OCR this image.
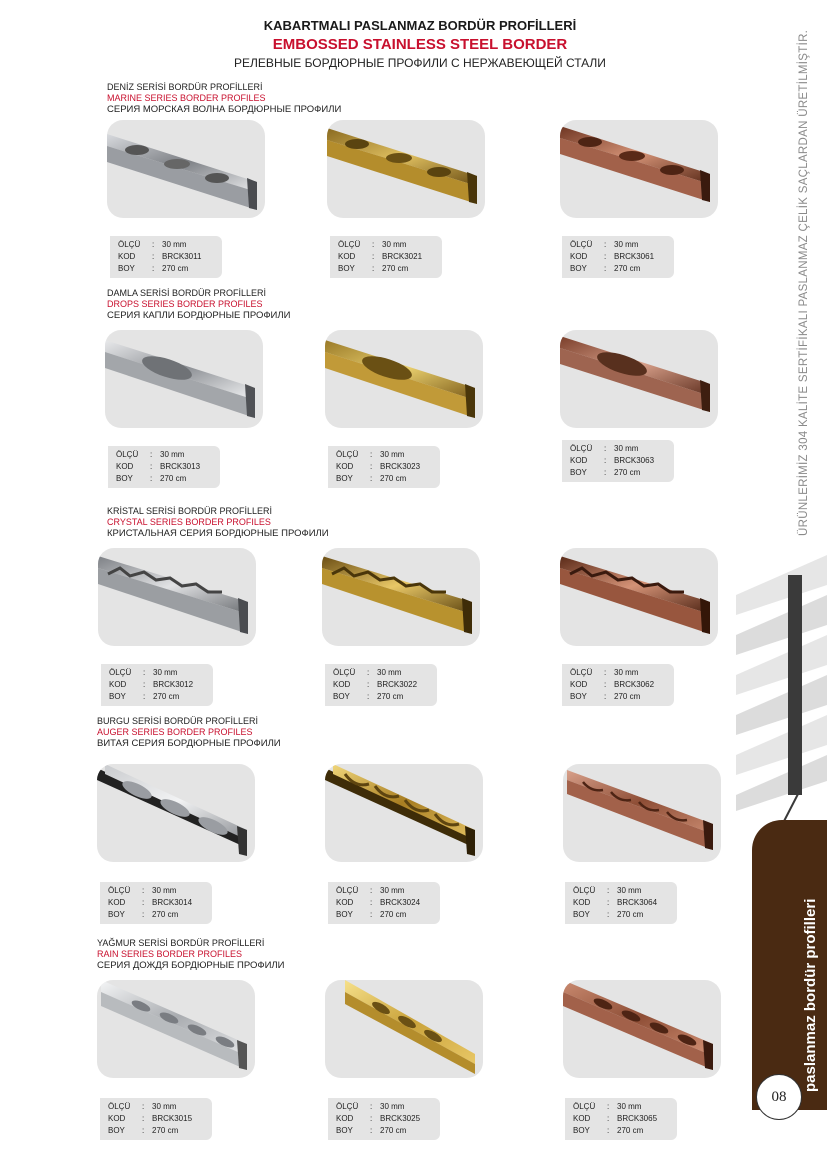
KABARTMALI PASLANMAZ BORDÜR PROFİLLERİ
EMBOSSED STAINLESS STEEL BORDER
РЕЛЕВНЫЕ БОРДЮРНЫЕ ПРОФИЛИ С НЕРЖАВЕЮЩЕЙ СТАЛИ
DENİZ SERİSİ BORDÜR PROFİLLERİ
MARINE SERIES BORDER PROFILES
СЕРИЯ МОРСКАЯ ВОЛНА БОРДЮРНЫЕ ПРОФИЛИ
ÖLÇÜ : 30 mm
KOD : BRCK3011
BOY : 270 cm
ÖLÇÜ : 30 mm
KOD : BRCK3021
BOY : 270 cm
ÖLÇÜ : 30 mm
KOD : BRCK3061
BOY : 270 cm
DAMLA SERİSİ BORDÜR PROFİLLERİ
DROPS SERIES BORDER PROFILES
СЕРИЯ КАПЛИ БОРДЮРНЫЕ ПРОФИЛИ
ÖLÇÜ : 30 mm
KOD : BRCK3013
BOY : 270 cm
ÖLÇÜ : 30 mm
KOD : BRCK3023
BOY : 270 cm
ÖLÇÜ : 30 mm
KOD : BRCK3063
BOY : 270 cm
KRİSTAL SERİSİ BORDÜR PROFİLLERİ
CRYSTAL SERIES BORDER PROFILES
КРИСТАЛЬНАЯ СЕРИЯ БОРДЮРНЫЕ ПРОФИЛИ
ÖLÇÜ : 30 mm
KOD : BRCK3012
BOY : 270 cm
ÖLÇÜ : 30 mm
KOD : BRCK3022
BOY : 270 cm
ÖLÇÜ : 30 mm
KOD : BRCK3062
BOY : 270 cm
BURGU SERİSİ BORDÜR PROFİLLERİ
AUGER SERIES BORDER PROFILES
ВИТАЯ СЕРИЯ БОРДЮРНЫЕ ПРОФИЛИ
ÖLÇÜ : 30 mm
KOD : BRCK3014
BOY : 270 cm
ÖLÇÜ : 30 mm
KOD : BRCK3024
BOY : 270 cm
ÖLÇÜ : 30 mm
KOD : BRCK3064
BOY : 270 cm
YAĞMUR SERİSİ BORDÜR PROFİLLERİ
RAIN SERIES BORDER PROFILES
СЕРИЯ ДОЖДЯ БОРДЮРНЫЕ ПРОФИЛИ
ÖLÇÜ : 30 mm
KOD : BRCK3015
BOY : 270 cm
ÖLÇÜ : 30 mm
KOD : BRCK3025
BOY : 270 cm
ÖLÇÜ : 30 mm
KOD : BRCK3065
BOY : 270 cm
ÜRÜNLERİMİZ 304 KALİTE SERTİFİKALI PASLANMAZ ÇELİK SAÇLARDAN ÜRETİLMİŞTİR.
paslanmaz bordür profilleri
08
